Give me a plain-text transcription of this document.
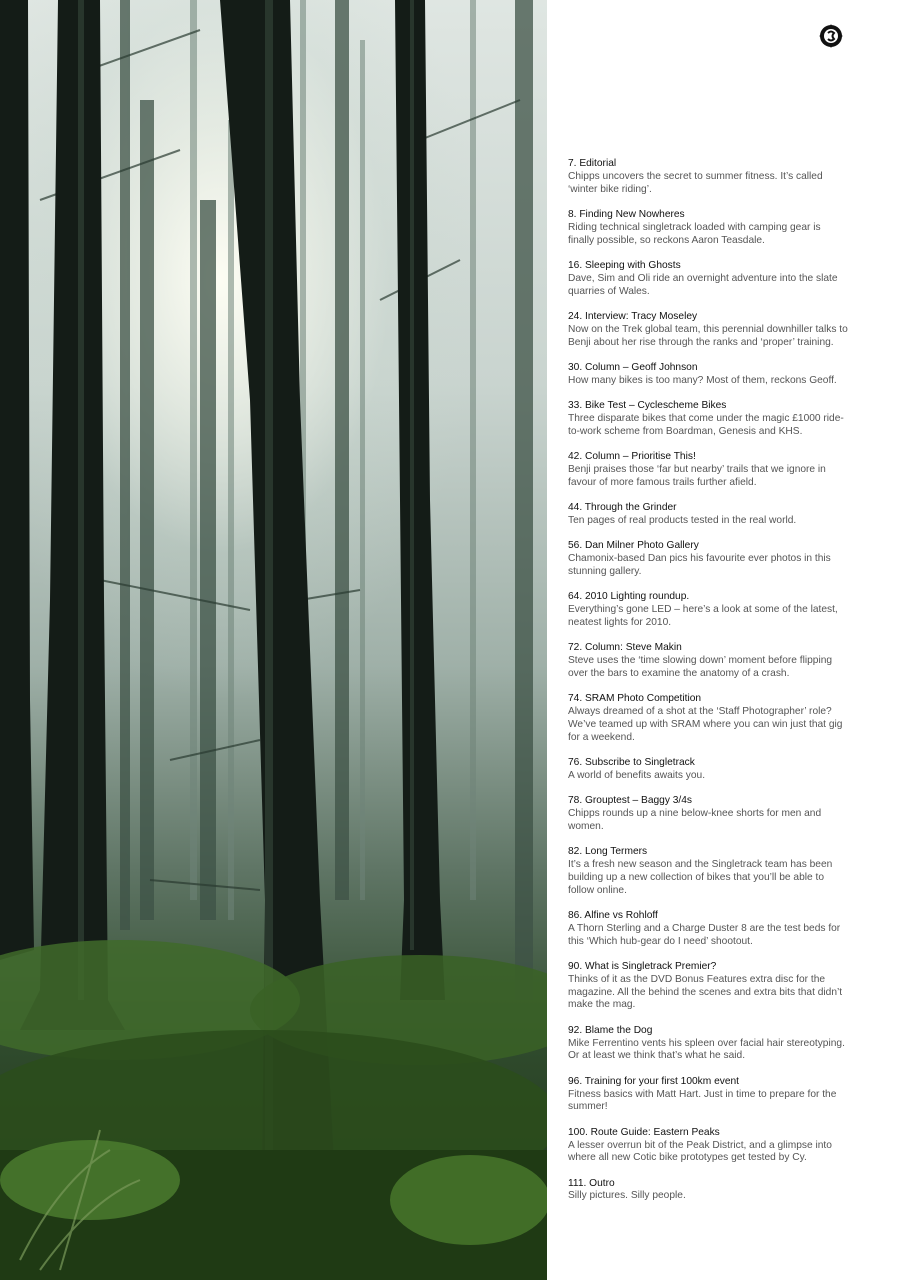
7. Editorial
Chipps uncovers the secret to summer fitness. It’s called ‘winter bike riding’.
8. Finding New Nowheres
Riding technical singletrack loaded with camping gear is finally possible, so reckons Aaron Teasdale.
16. Sleeping with Ghosts
Dave, Sim and Oli ride an overnight adventure into the slate quarries of Wales.
24. Interview: Tracy Moseley
Now on the Trek global team, this perennial downhiller talks to Benji about her rise through the ranks and ‘proper’ training.
30. Column – Geoff Johnson
How many bikes is too many? Most of them, reckons Geoff.
33. Bike Test – Cyclescheme Bikes
Three disparate bikes that come under the magic £1000 ride-to-work scheme from Boardman, Genesis and KHS.
42. Column – Prioritise This!
Benji praises those ‘far but nearby’ trails that we ignore in favour of more famous trails further afield.
44. Through the Grinder
Ten pages of real products tested in the real world.
56. Dan Milner Photo Gallery
Chamonix-based Dan pics his favourite ever photos in this stunning gallery.
64. 2010 Lighting roundup.
Everything’s gone LED – here’s a look at some of the latest, neatest lights for 2010.
72. Column: Steve Makin
Steve uses the ‘time slowing down’ moment before flipping over the bars to examine the anatomy of a crash.
74. SRAM Photo Competition
Always dreamed of a shot at the ‘Staff Photographer’ role? We’ve teamed up with SRAM where you can win just that gig for a weekend.
76. Subscribe to Singletrack
A world of benefits awaits you.
78. Grouptest – Baggy 3/4s
Chipps rounds up a nine below-knee shorts for men and women.
82. Long Termers
It’s a fresh new season and the Singletrack team has been building up a new collection of bikes that you’ll be able to follow online.
86. Alfine vs Rohloff
A Thorn Sterling and a Charge Duster 8 are the test beds for this ‘Which hub-gear do I need’ shootout.
90. What is Singletrack Premier?
Thinks of it as the DVD Bonus Features extra disc for the magazine. All the behind the scenes and extra bits that didn’t make the mag.
92. Blame the Dog
Mike Ferrentino vents his spleen over facial hair stereotyping. Or at least we think that’s what he said.
96. Training for your first 100km event
Fitness basics with Matt Hart. Just in time to prepare for the summer!
100. Route Guide: Eastern Peaks
A lesser overrun bit of the Peak District, and a glimpse into where all new Cotic bike prototypes get tested by Cy.
111. Outro
Silly pictures. Silly people.
